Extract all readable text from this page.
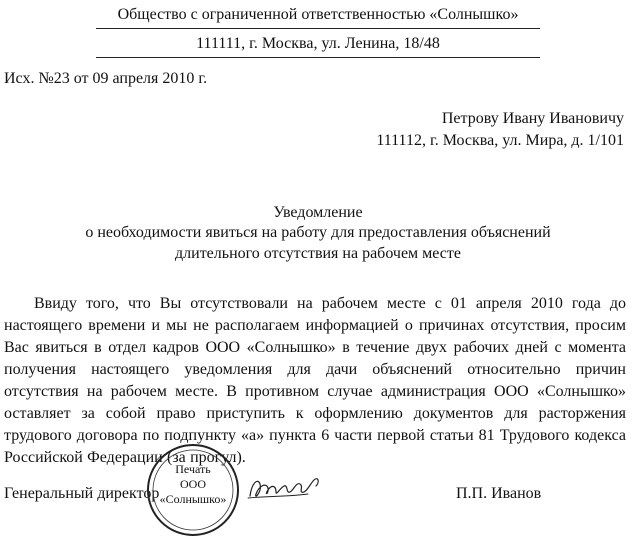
Общество с ограниченной ответственностью «Солнышко»
111111, г. Москва, ул. Ленина, 18/48
Исх. №23 от 09 апреля 2010 г.
Петрову Ивану Ивановичу
111112, г. Москва, ул. Мира, д. 1/101
Уведомление
о необходимости явиться на работу для предоставления объяснений
длительного отсутствия на рабочем месте
Ввиду того, что Вы отсутствовали на рабочем месте с 01 апреля 2010 года до настоящего времени и мы не располагаем информацией о причинах отсутствия, просим Вас явиться в отдел кадров ООО «Солнышко» в течение двух рабочих дней с момента получения настоящего уведомления для дачи объяснений относительно причин отсутствия на рабочем месте. В противном случае администрация ООО «Солнышко» оставляет за собой право приступить к оформлению документов для расторжения трудового договора по подпункту «а» пункта 6 части первой статьи 81 Трудового кодекса Российской Федерации (за прогул).
Генеральный директор	П.П. Иванов
Печать
ООО
«Солнышко»
